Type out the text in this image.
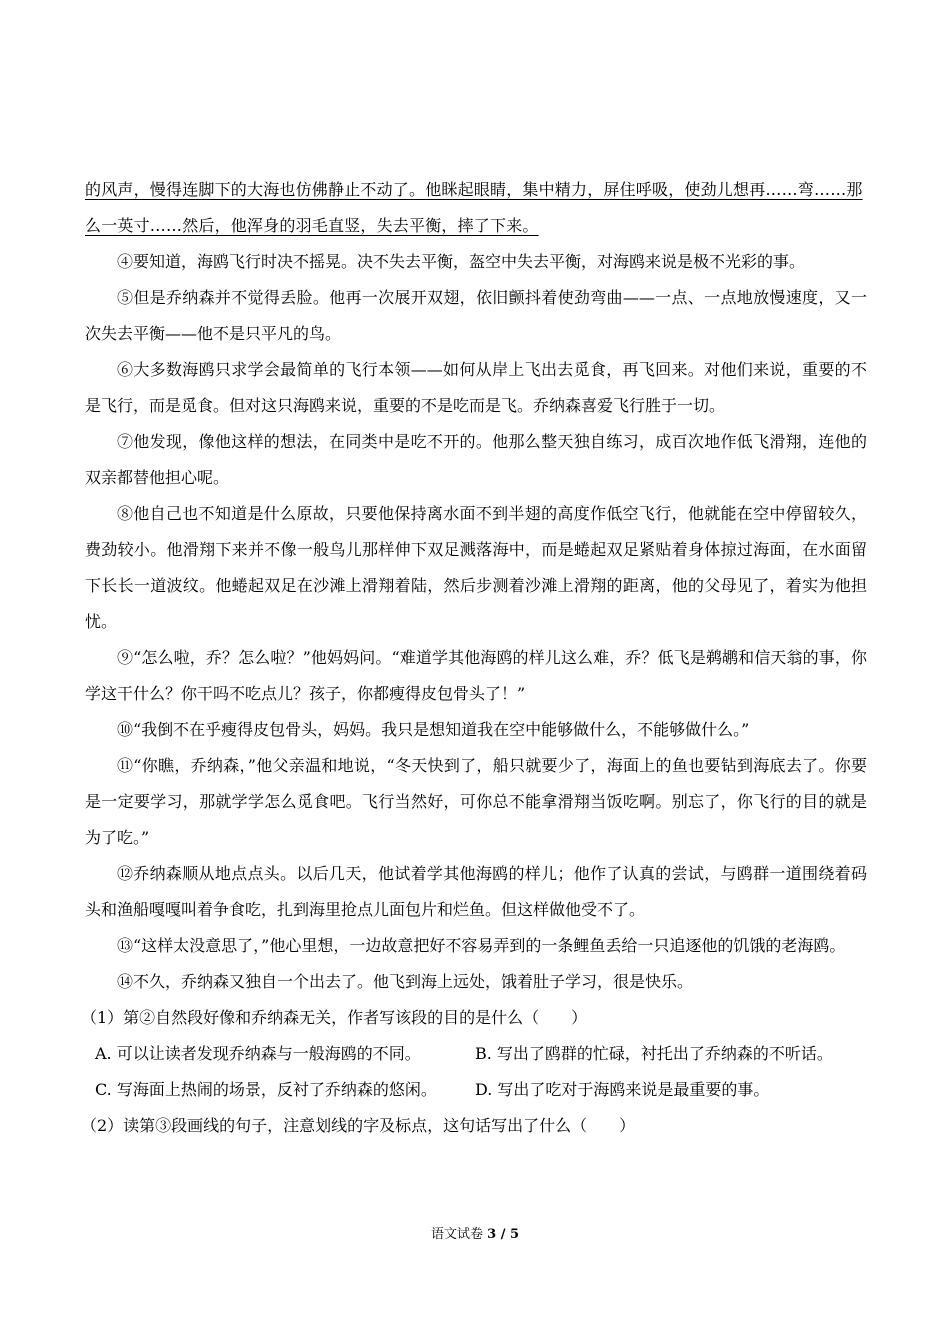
的风声，慢得连脚下的大海也仿佛静止不动了。他眯起眼睛，集中精力，屏住呼吸，使劲儿想再……弯……那
么一英寸……然后，他浑身的羽毛直竖，失去平衡，摔了下来。

④要知道，海鸥飞行时决不摇晃。决不失去平衡，盔空中失去平衡，对海鸥来说是极不光彩的事。

⑤但是乔纳森并不觉得丢脸。他再一次展开双翅，依旧颤抖着使劲弯曲——一点、一点地放慢速度，又一次失去平衡——他不是只平凡的鸟。

⑥大多数海鸥只求学会最简单的飞行本领——如何从岸上飞出去觅食，再飞回来。对他们来说，重要的不是飞行，而是觅食。但对这只海鸥来说，重要的不是吃而是飞。乔纳森喜爱飞行胜于一切。

⑦他发现，像他这样的想法，在同类中是吃不开的。他那么整天独自练习，成百次地作低飞滑翔，连他的双亲都替他担心呢。

⑧他自己也不知道是什么原故，只要他保持离水面不到半翅的高度作低空飞行，他就能在空中停留较久，费劲较小。他滑翔下来并不像一般鸟儿那样伸下双足溅落海中，而是蜷起双足紧贴着身体掠过海面，在水面留下长长一道波纹。他蜷起双足在沙滩上滑翔着陆，然后步测着沙滩上滑翔的距离，他的父母见了，着实为他担忧。

⑨“怎么啦，乔？怎么啦？”他妈妈问。“难道学其他海鸥的样儿这么难，乔？低飞是鹈鹕和信天翁的事，你学这干什么？你干吗不吃点儿？孩子，你都瘦得皮包骨头了！”

⑩“我倒不在乎瘦得皮包骨头，妈妈。我只是想知道我在空中能够做什么，不能够做什么。”

⑪“你瞧，乔纳森，”他父亲温和地说，“冬天快到了，船只就要少了，海面上的鱼也要钻到海底去了。你要是一定要学习，那就学学怎么觅食吧。飞行当然好，可你总不能拿滑翔当饭吃啊。别忘了，你飞行的目的就是为了吃。”

⑫乔纳森顺从地点点头。以后几天，他试着学其他海鸥的样儿；他作了认真的尝试，与鸥群一道围绕着码头和渔船嘎嘎叫着争食吃，扎到海里抢点儿面包片和烂鱼。但这样做他受不了。

⑬“这样太没意思了，”他心里想，一边故意把好不容易弄到的一条鲤鱼丢给一只追逐他的饥饿的老海鸥。

⑭不久，乔纳森又独自一个出去了。他飞到海上远处，饿着肚子学习，很是快乐。

（1）第②自然段好像和乔纳森无关，作者写该段的目的是什么（　　）

A. 可以让读者发现乔纳森与一般海鸥的不同。	B. 写出了鸥群的忙碌，衬托出了乔纳森的不听话。
C. 写海面上热闹的场景，反衬了乔纳森的悠闲。	D. 写出了吃对于海鸥来说是最重要的事。

（2）读第③段画线的句子，注意划线的字及标点，这句话写出了什么（　　）

语文试卷 3 / 5
